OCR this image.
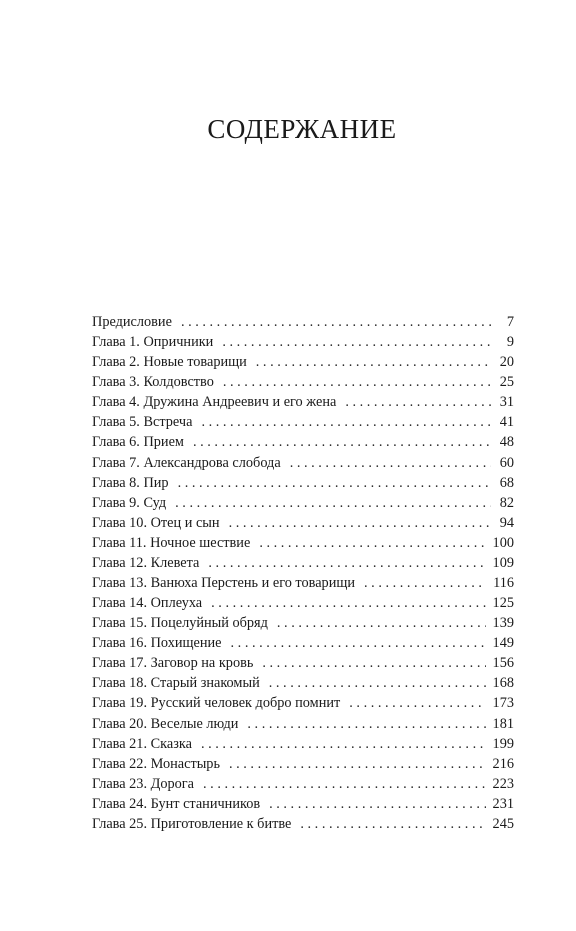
СОДЕРЖАНИЕ
Предисловие . . .	7
Глава 1. Опричники . . .	9
Глава 2. Новые товарищи . . .	20
Глава 3. Колдовство . . .	25
Глава 4. Дружина Андреевич и его жена . . .	31
Глава 5. Встреча . . .	41
Глава 6. Прием . . .	48
Глава 7. Александрова слобода . . .	60
Глава 8. Пир . . .	68
Глава 9. Суд . . .	82
Глава 10. Отец и сын . . .	94
Глава 11. Ночное шествие . . .	100
Глава 12. Клевета . . .	109
Глава 13. Ванюха Перстень и его товарищи . . .	116
Глава 14. Оплеуха . . .	125
Глава 15. Поцелуйный обряд . . .	139
Глава 16. Похищение . . .	149
Глава 17. Заговор на кровь . . .	156
Глава 18. Старый знакомый . . .	168
Глава 19. Русский человек добро помнит . . .	173
Глава 20. Веселые люди . . .	181
Глава 21. Сказка . . .	199
Глава 22. Монастырь . . .	216
Глава 23. Дорога . . .	223
Глава 24. Бунт станичников . . .	231
Глава 25. Приготовление к битве . . .	245
